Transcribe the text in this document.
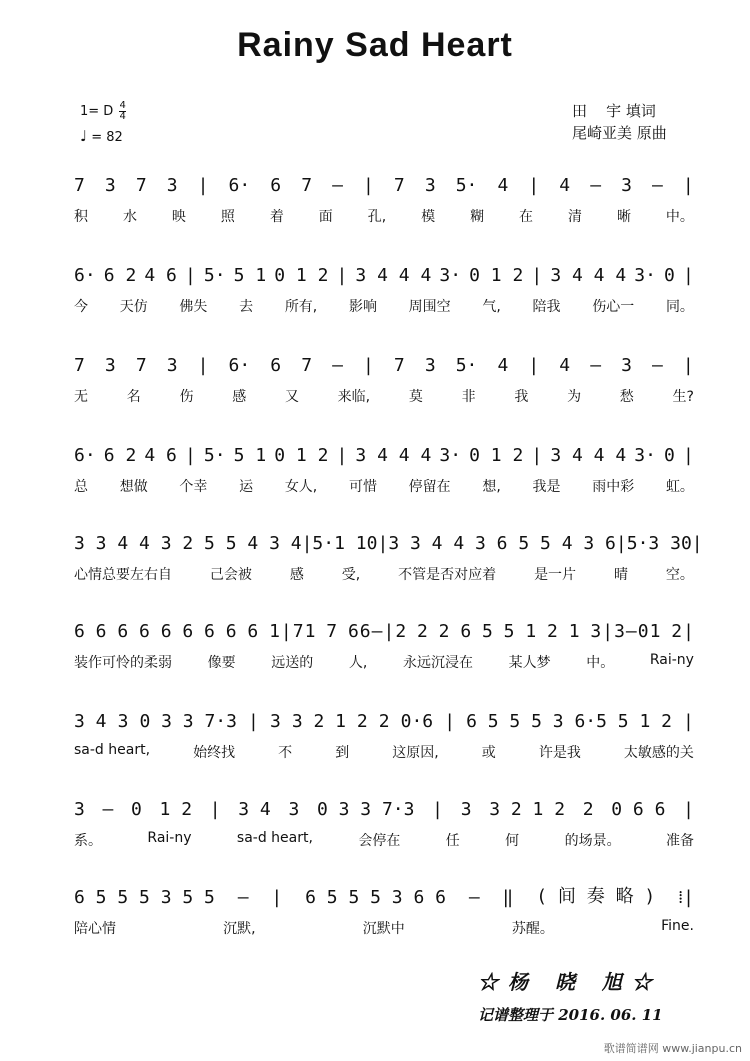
Rainy Sad Heart
1= D $\frac{4}{4}$
♩ = 82
田    宇 填词
尾崎亚美 原曲
7 3 7 3 | 6· 6 7 – | 7 3 5· 4 | 4 – 3 – |
积 水 映 照 着 面 孔, 模 糊 在 清 晰 中。
6· 6 2 4 6 | 5· 5 1 0 1 2 | 3 4 4 4 3· 0 1 2 | 3 4 4 4 3· 0 |
今 天仿 佛失 去 所有, 影响 周围空 气, 陪我 伤心一 同。
7 3 7 3 | 6· 6 7 – | 7 3 5· 4 | 4 – 3 – |
无	名	伤	感	又	来临,	莫	非	我	为	愁	生?
6· 6 2 4 6 | 5· 5 1 0 1 2 | 3 4 4 4 3· 0 1 2 | 3 4 4 4 3· 0 |
总 想做 个幸 运 女人, 可惜 停留在 想, 我是 雨中彩 虹。
3 3 4 4 3 2 5 5 4 3 4 | 5· 1 1 0 | 3 3 4 4 3 6 5 5 4 3 6 | 5· 3 3 0 |
心情总要左右自	己会被	感	受,	不管是否对应着	是一片	晴	空。
6 6 6 6 6 6 6 6 6 1 | 7 1 7 6 6 – | 2 2 2 6 5 5 1 2 1 3 | 3 – 0 1 2 |
装作可怜的柔弱	像要	远送的	人,	永远沉浸在	某人梦	中。	Rai-ny
3 4 3 0 3 3 7·3 | 3 3 2 1 2 2 0·6 | 6 5 5 5 3 6·5 5 1 2 |
sa-d heart,	始终找	不	到	这原因,	或	许是我	太敏感的关
3 – 0 1 2 | 3 4 3 0 3 3 7·3 | 3 3 2 1 2 2 0 6 6 |
系。	Rai-ny	sa-d heart,	会停在	任	何	的场景。	准备
6 5 5 5 3 5 5 – | 6 5 5 5 3 6 6 – ‖ ( 间 奏 略 ) ⁞|
陪心情	沉默,	沉默中	苏醒。	Fine.
☆杨 晓 旭☆
记谱整理于 2016. 06. 11
歌谱简谱网 www.jianpu.cn
